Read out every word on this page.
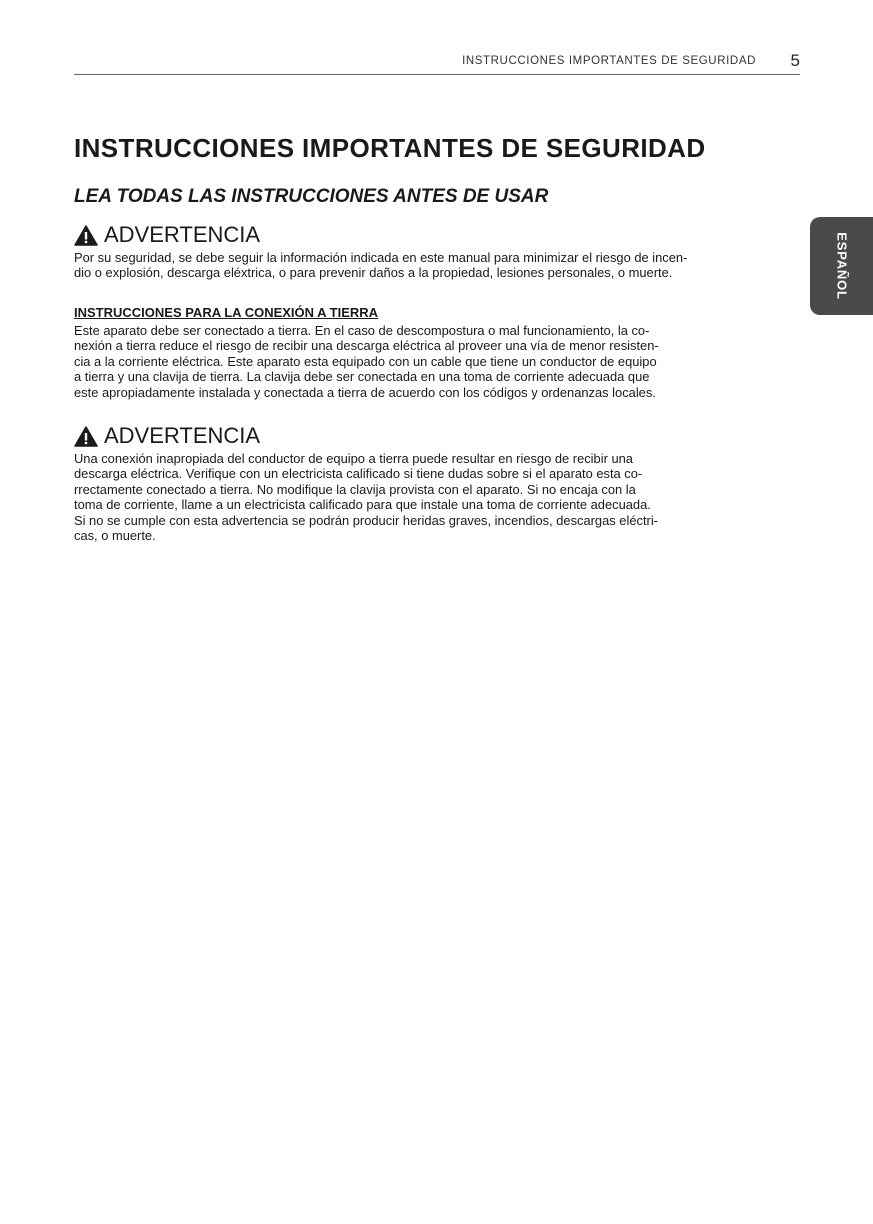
INSTRUCCIONES IMPORTANTES DE SEGURIDAD 5
ESPAÑOL
INSTRUCCIONES IMPORTANTES DE SEGURIDAD
LEA TODAS LAS INSTRUCCIONES ANTES DE USAR
ADVERTENCIA

Por su seguridad, se debe seguir la información indicada en este manual para minimizar el riesgo de incen-
dio o explosión, descarga eléxtrica, o para prevenir daños a la propiedad, lesiones personales, o muerte.

INSTRUCCIONES PARA LA CONEXIÓN A TIERRA

Este aparato debe ser conectado a tierra. En el caso de descompostura o mal funcionamiento, la co-
nexión a tierra reduce el riesgo de recibir una descarga eléctrica al proveer una vía de menor resisten-
cia a la corriente eléctrica. Este aparato esta equipado con un cable que tiene un conductor de equipo
a tierra y una clavija de tierra. La clavija debe ser conectada en una toma de corriente adecuada que
este apropiadamente instalada y conectada a tierra de acuerdo con los códigos y ordenanzas locales.

ADVERTENCIA

Una conexión inapropiada del conductor de equipo a tierra puede resultar en riesgo de recibir una
descarga eléctrica. Verifique con un electricista calificado si tiene dudas sobre si el aparato esta co-
rrectamente conectado a tierra. No modifique la clavija provista con el aparato. Si no encaja con la
toma de corriente, llame a un electricista calificado para que instale una toma de corriente adecuada.
Si no se cumple con esta advertencia se podrán producir heridas graves, incendios, descargas eléctri-
cas, o muerte.
